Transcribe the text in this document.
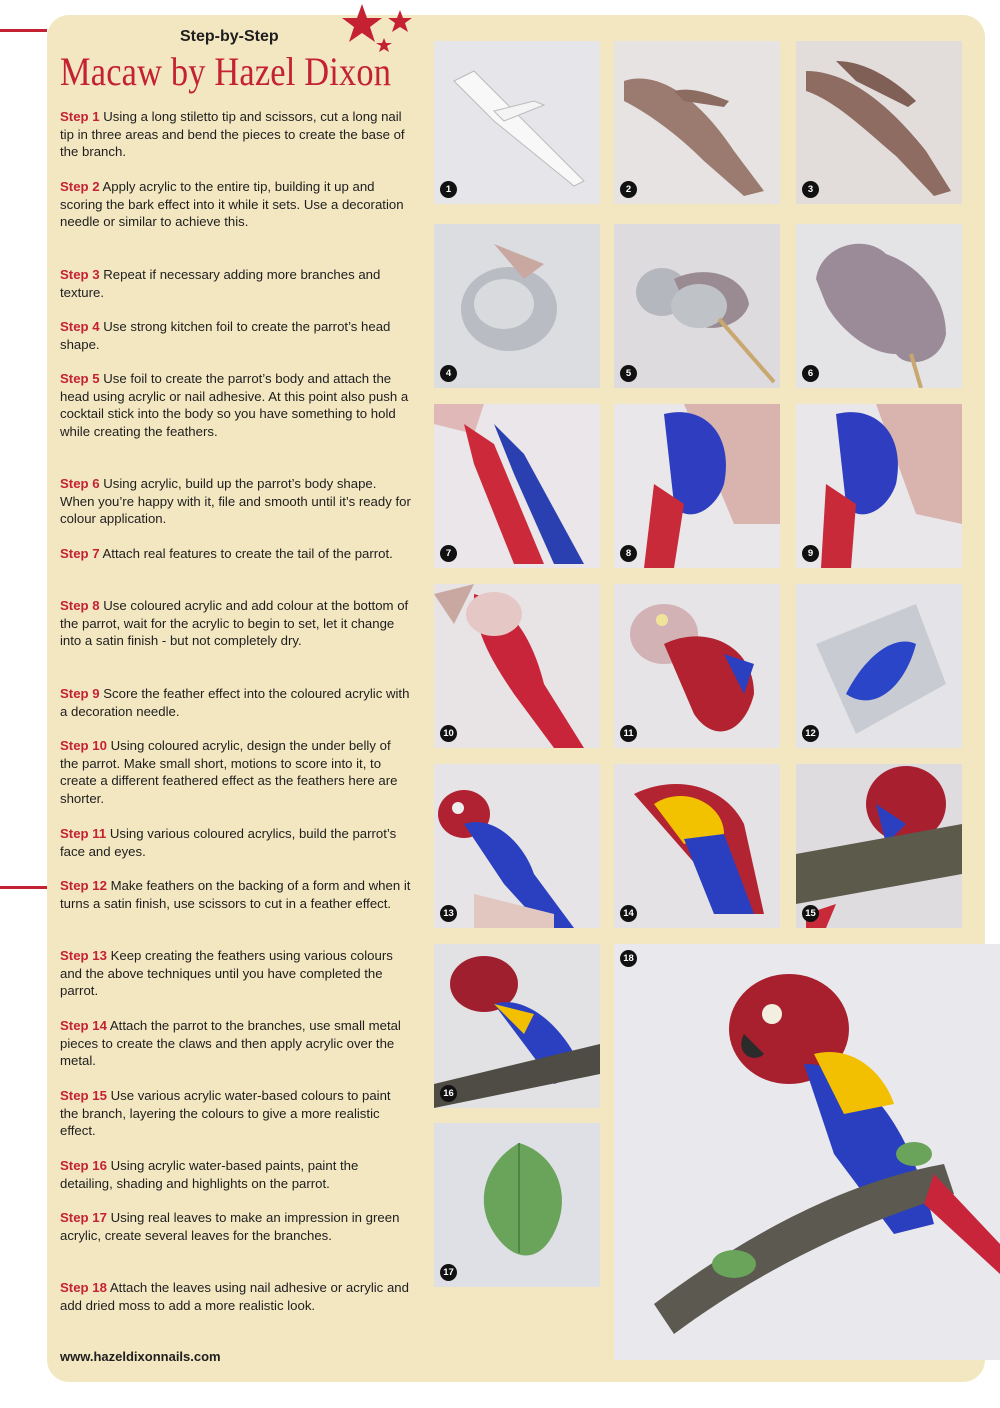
Step-by-Step
Macaw by Hazel Dixon

Step 1 Using a long stiletto tip and scissors, cut a long nail tip in three areas and bend the pieces to create the base of the branch.

Step 2 Apply acrylic to the entire tip, building it up and scoring the bark effect into it while it sets. Use a decoration needle or similar to achieve this.

Step 3 Repeat if necessary adding more branches and texture.

Step 4 Use strong kitchen foil to create the parrot’s head shape.

Step 5 Use foil to create the parrot’s body and attach the head using acrylic or nail adhesive. At this point also push a cocktail stick into the body so you have something to hold while creating the feathers.

Step 6 Using acrylic, build up the parrot’s body shape. When you’re happy with it, file and smooth until it’s ready for colour application.

Step 7 Attach real features to create the tail of the parrot.

Step 8 Use coloured acrylic and add colour at the bottom of the parrot, wait for the acrylic to begin to set, let it change into a satin finish - but not completely dry.

Step 9 Score the feather effect into the coloured acrylic with a decoration needle.

Step 10 Using coloured acrylic, design the under belly of the parrot. Make small short, motions to score into it, to create a different feathered effect as the feathers here are shorter.

Step 11 Using various coloured acrylics, build the parrot’s face and eyes.

Step 12 Make feathers on the backing of a form and when it turns a satin finish, use scissors to cut in a feather effect.

Step 13 Keep creating the feathers using various colours and the above techniques until you have completed the parrot.

Step 14 Attach the parrot to the branches, use small metal pieces to create the claws and then apply acrylic over the metal.

Step 15 Use various acrylic water-based colours to paint the branch, layering the colours to give a more realistic effect.

Step 16 Using acrylic water-based paints, paint the detailing, shading and highlights on the parrot.

Step 17 Using real leaves to make an impression in green acrylic, create several leaves for the branches.

Step 18 Attach the leaves using nail adhesive or acrylic and add dried moss to add a more realistic look.

www.hazeldixonnails.com
1	2	3
4	5	6
7	8	9
10	11	12
13	14	15
16
17
18
